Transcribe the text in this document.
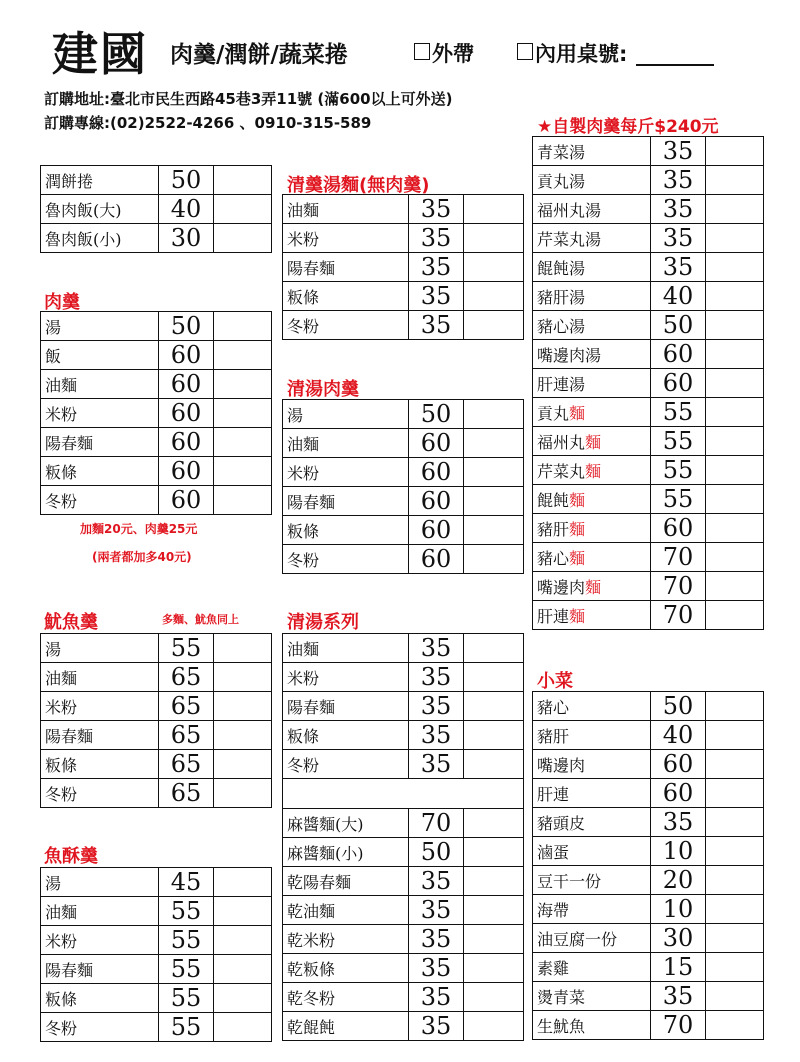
建國 肉羹/潤餅/蔬菜捲	外帶	內用桌號:
訂購地址:臺北市民生西路45巷3弄11號 (滿600以上可外送)
訂購專線:(02)2522-4266 、0910-315-589	★自製肉羹每斤$240元
肉羹
加麵20元、肉羹25元
(兩者都加多40元)
魷魚羹	多麵、魷魚同上
魚酥羹
清羹湯麵(無肉羹)
清湯肉羹
清湯系列
小菜
潤餅捲	50	
魯肉飯(大)	40	
魯肉飯(小)	30	
湯	50	
飯	60	
油麵	60	
米粉	60	
陽春麵	60	
粄條	60	
冬粉	60	
湯	55	
油麵	65	
米粉	65	
陽春麵	65	
粄條	65	
冬粉	65	
湯	45	
油麵	55	
米粉	55	
陽春麵	55	
粄條	55	
冬粉	55	
油麵	35	
米粉	35	
陽春麵	35	
粄條	35	
冬粉	35	
湯	50	
油麵	60	
米粉	60	
陽春麵	60	
粄條	60	
冬粉	60	
油麵	35	
米粉	35	
陽春麵	35	
粄條	35	
冬粉	35	
麻醬麵(大)	70	
麻醬麵(小)	50	
乾陽春麵	35	
乾油麵	35	
乾米粉	35	
乾粄條	35	
乾冬粉	35	
乾餛飩	35	
青菜湯	35	
貢丸湯	35	
福州丸湯	35	
芹菜丸湯	35	
餛飩湯	35	
豬肝湯	40	
豬心湯	50	
嘴邊肉湯	60	
肝連湯	60	
貢丸麵	55	
福州丸麵	55	
芹菜丸麵	55	
餛飩麵	55	
豬肝麵	60	
豬心麵	70	
嘴邊肉麵	70	
肝連麵	70	
豬心	50	
豬肝	40	
嘴邊肉	60	
肝連	60	
豬頭皮	35	
滷蛋	10	
豆干一份	20	
海帶	10	
油豆腐一份	30	
素雞	15	
燙青菜	35	
生魷魚	70	
